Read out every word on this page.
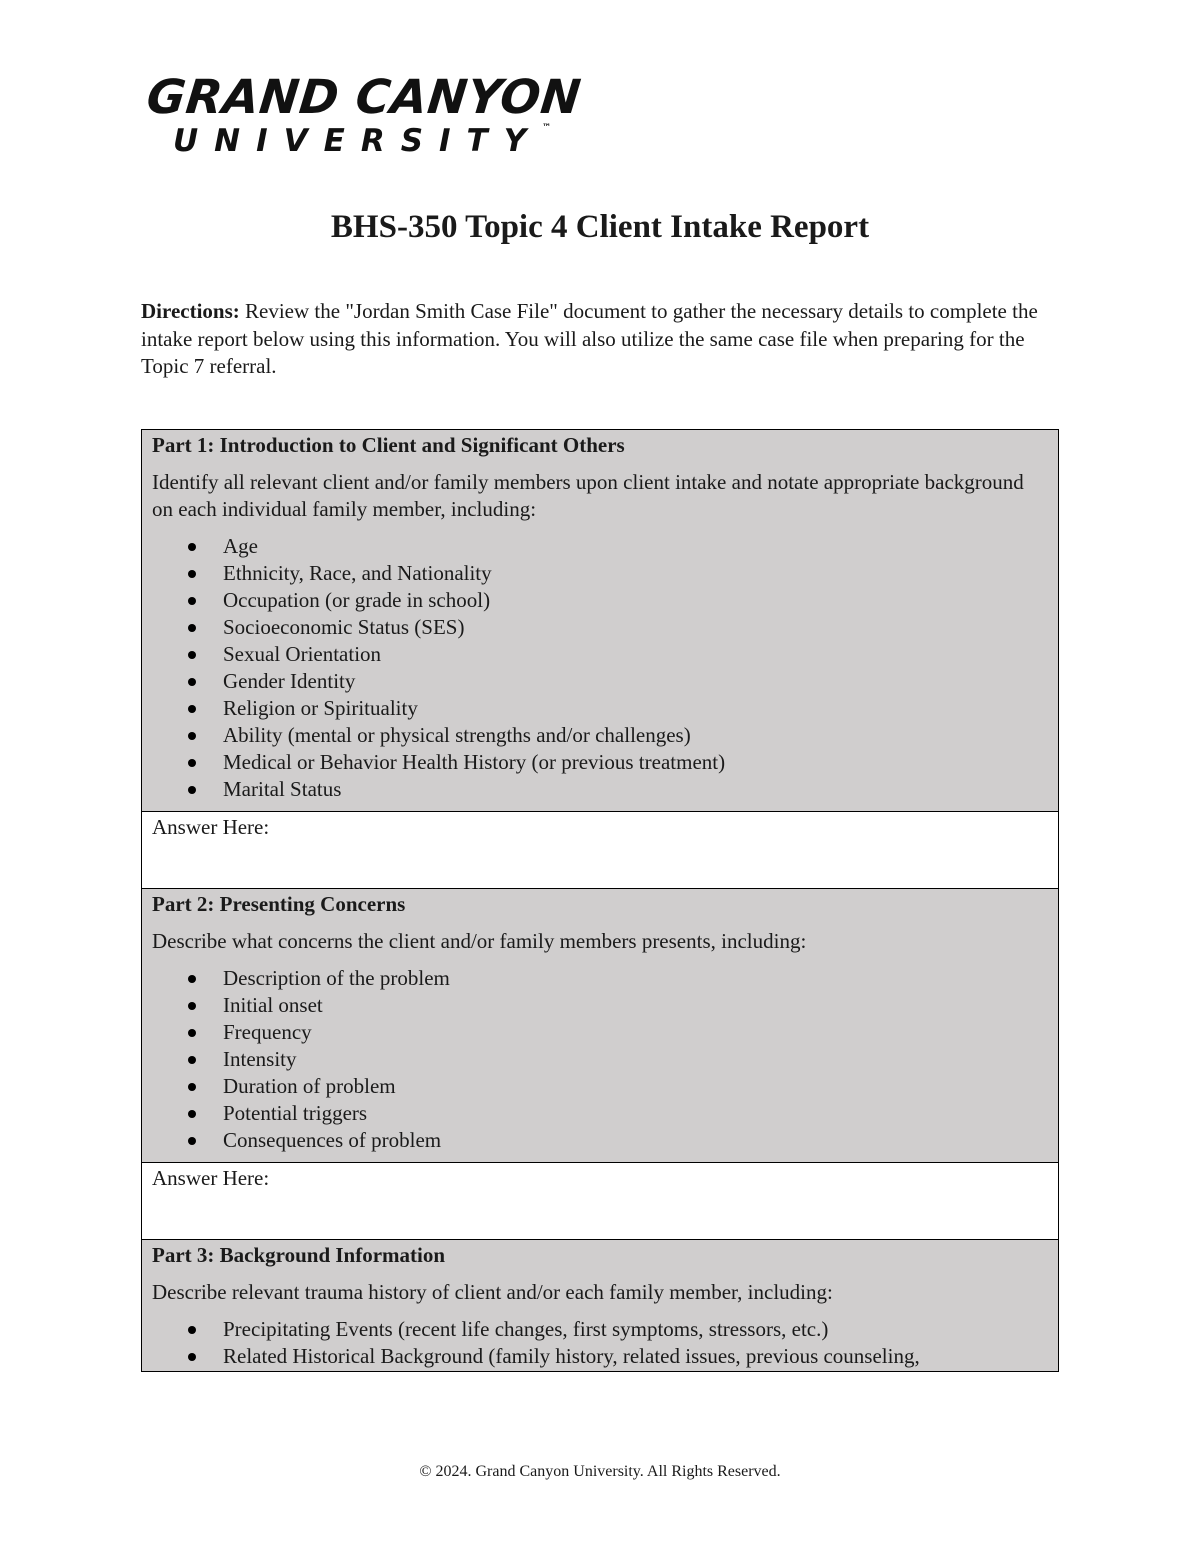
GRAND CANYON
UNIVERSITY™
BHS-350 Topic 4 Client Intake Report

Directions: Review the "Jordan Smith Case File" document to gather the necessary details to complete the intake report below using this information. You will also utilize the same case file when preparing for the Topic 7 referral.

Part 1: Introduction to Client and Significant Others

Identify all relevant client and/or family members upon client intake and notate appropriate background on each individual family member, including:

Age
Ethnicity, Race, and Nationality
Occupation (or grade in school)
Socioeconomic Status (SES)
Sexual Orientation
Gender Identity
Religion or Spirituality
Ability (mental or physical strengths and/or challenges)
Medical or Behavior Health History (or previous treatment)
Marital Status

Answer Here:

Part 2: Presenting Concerns

Describe what concerns the client and/or family members presents, including:

Description of the problem
Initial onset
Frequency
Intensity
Duration of problem
Potential triggers
Consequences of problem

Answer Here:

Part 3: Background Information

Describe relevant trauma history of client and/or each family member, including:

Precipitating Events (recent life changes, first symptoms, stressors, etc.)
Related Historical Background (family history, related issues, previous counseling,

© 2024. Grand Canyon University. All Rights Reserved.
